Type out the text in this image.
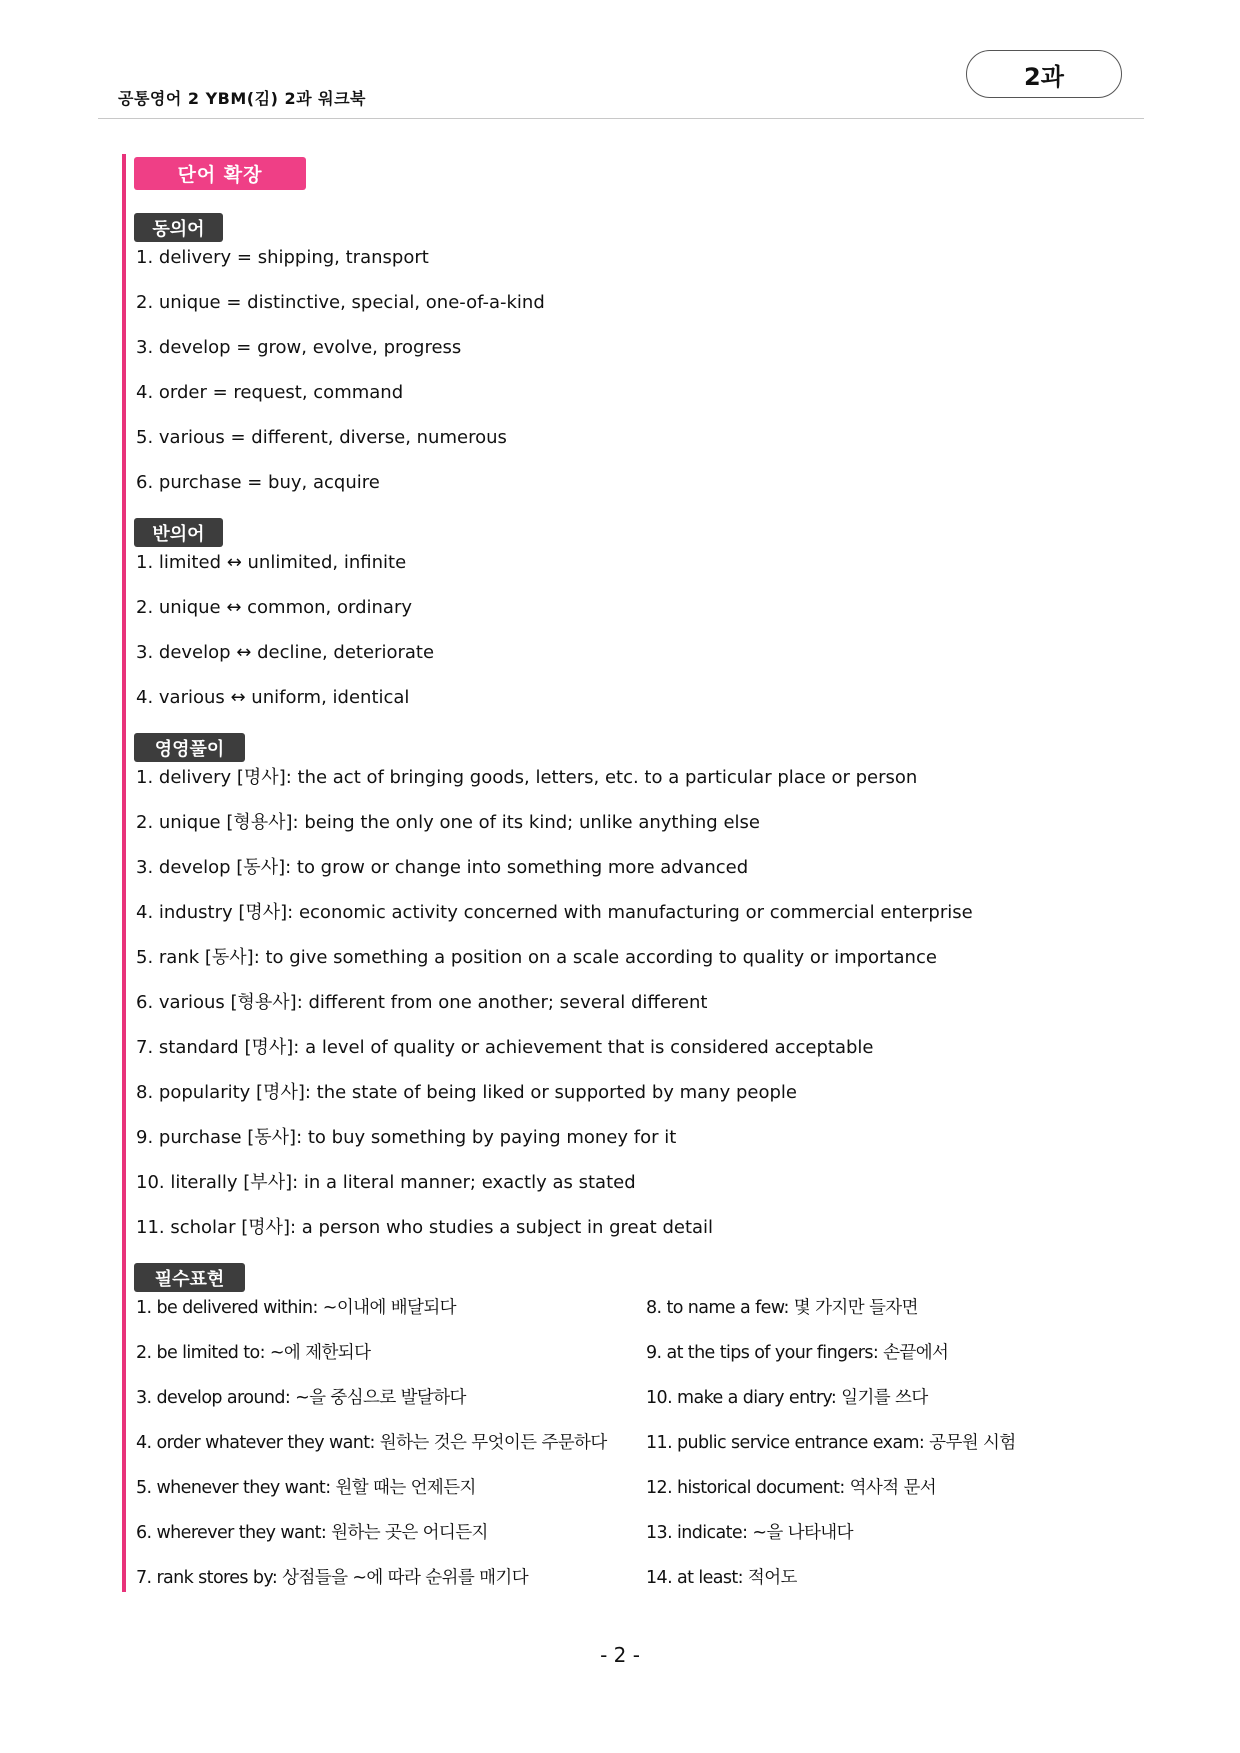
공통영어 2 YBM(김) 2과 워크북
2과
단어 확장
동의어
1. delivery = shipping, transport
2. unique = distinctive, special, one-of-a-kind
3. develop = grow, evolve, progress
4. order = request, command
5. various = different, diverse, numerous
6. purchase = buy, acquire
반의어
1. limited ↔ unlimited, infinite
2. unique ↔ common, ordinary
3. develop ↔ decline, deteriorate
4. various ↔ uniform, identical
영영풀이
1. delivery [명사]: the act of bringing goods, letters, etc. to a particular place or person
2. unique [형용사]: being the only one of its kind; unlike anything else
3. develop [동사]: to grow or change into something more advanced
4. industry [명사]: economic activity concerned with manufacturing or commercial enterprise
5. rank [동사]: to give something a position on a scale according to quality or importance
6. various [형용사]: different from one another; several different
7. standard [명사]: a level of quality or achievement that is considered acceptable
8. popularity [명사]: the state of being liked or supported by many people
9. purchase [동사]: to buy something by paying money for it
10. literally [부사]: in a literal manner; exactly as stated
11. scholar [명사]: a person who studies a subject in great detail
필수표현
1. be delivered within: ~이내에 배달되다
2. be limited to: ~에 제한되다
3. develop around: ~을 중심으로 발달하다
4. order whatever they want: 원하는 것은 무엇이든 주문하다
5. whenever they want: 원할 때는 언제든지
6. wherever they want: 원하는 곳은 어디든지
7. rank stores by: 상점들을 ~에 따라 순위를 매기다
8. to name a few: 몇 가지만 들자면
9. at the tips of your fingers: 손끝에서
10. make a diary entry: 일기를 쓰다
11. public service entrance exam: 공무원 시험
12. historical document: 역사적 문서
13. indicate: ~을 나타내다
14. at least: 적어도
- 2 -
